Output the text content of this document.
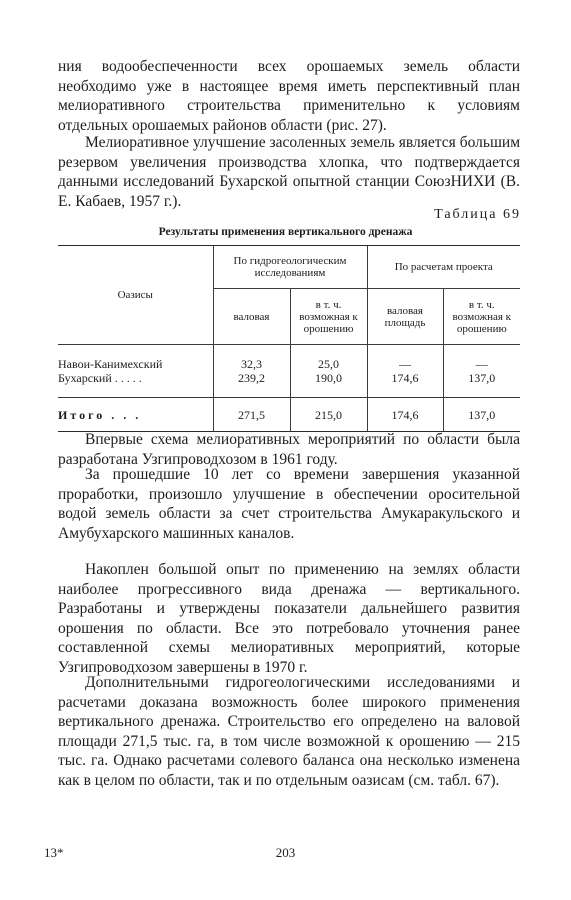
ния водообеспеченности всех орошаемых земель области необходимо уже в настоящее время иметь перспективный план мелиоративного строительства применительно к условиям отдельных орошаемых районов области (рис. 27).

Мелиоративное улучшение засоленных земель является большим резервом увеличения производства хлопка, что подтверждается данными исследований Бухарской опытной станции СоюзНИХИ (В. Е. Кабаев, 1957 г.).

Таблица 69

Результаты применения вертикального дренажа

Оазисы	По гидрогеологическим исследованиям		По расчетам проекта	
	валовая	в т. ч. возможная к орошению	валовая площадь	в т. ч. возможная к орошению

Навои-Канимехский	32,3	25,0	—	—
Бухарский . . . . .	239,2	190,0	174,6	137,0

Итого . . .	271,5	215,0	174,6	137,0

Впервые схема мелиоративных мероприятий по области была разработана Узгипроводхозом в 1961 году.

За прошедшие 10 лет со времени завершения указанной проработки, произошло улучшение в обеспечении оросительной водой земель области за счет строительства Амукаракульского и Амубухарского машинных каналов.

Накоплен большой опыт по применению на землях области наиболее прогрессивного вида дренажа — вертикального. Разработаны и утверждены показатели дальнейшего развития орошения по области. Все это потребовало уточнения ранее составленной схемы мелиоративных мероприятий, которые Узгипроводхозом завершены в 1970 г.

Дополнительными гидрогеологическими исследованиями и расчетами доказана возможность более широкого применения вертикального дренажа. Строительство его определено на валовой площади 271,5 тыс. га, в том числе возможной к орошению — 215 тыс. га. Однако расчетами солевого баланса она несколько изменена как в целом по области, так и по отдельным оазисам (см. табл. 67).

13*	203
